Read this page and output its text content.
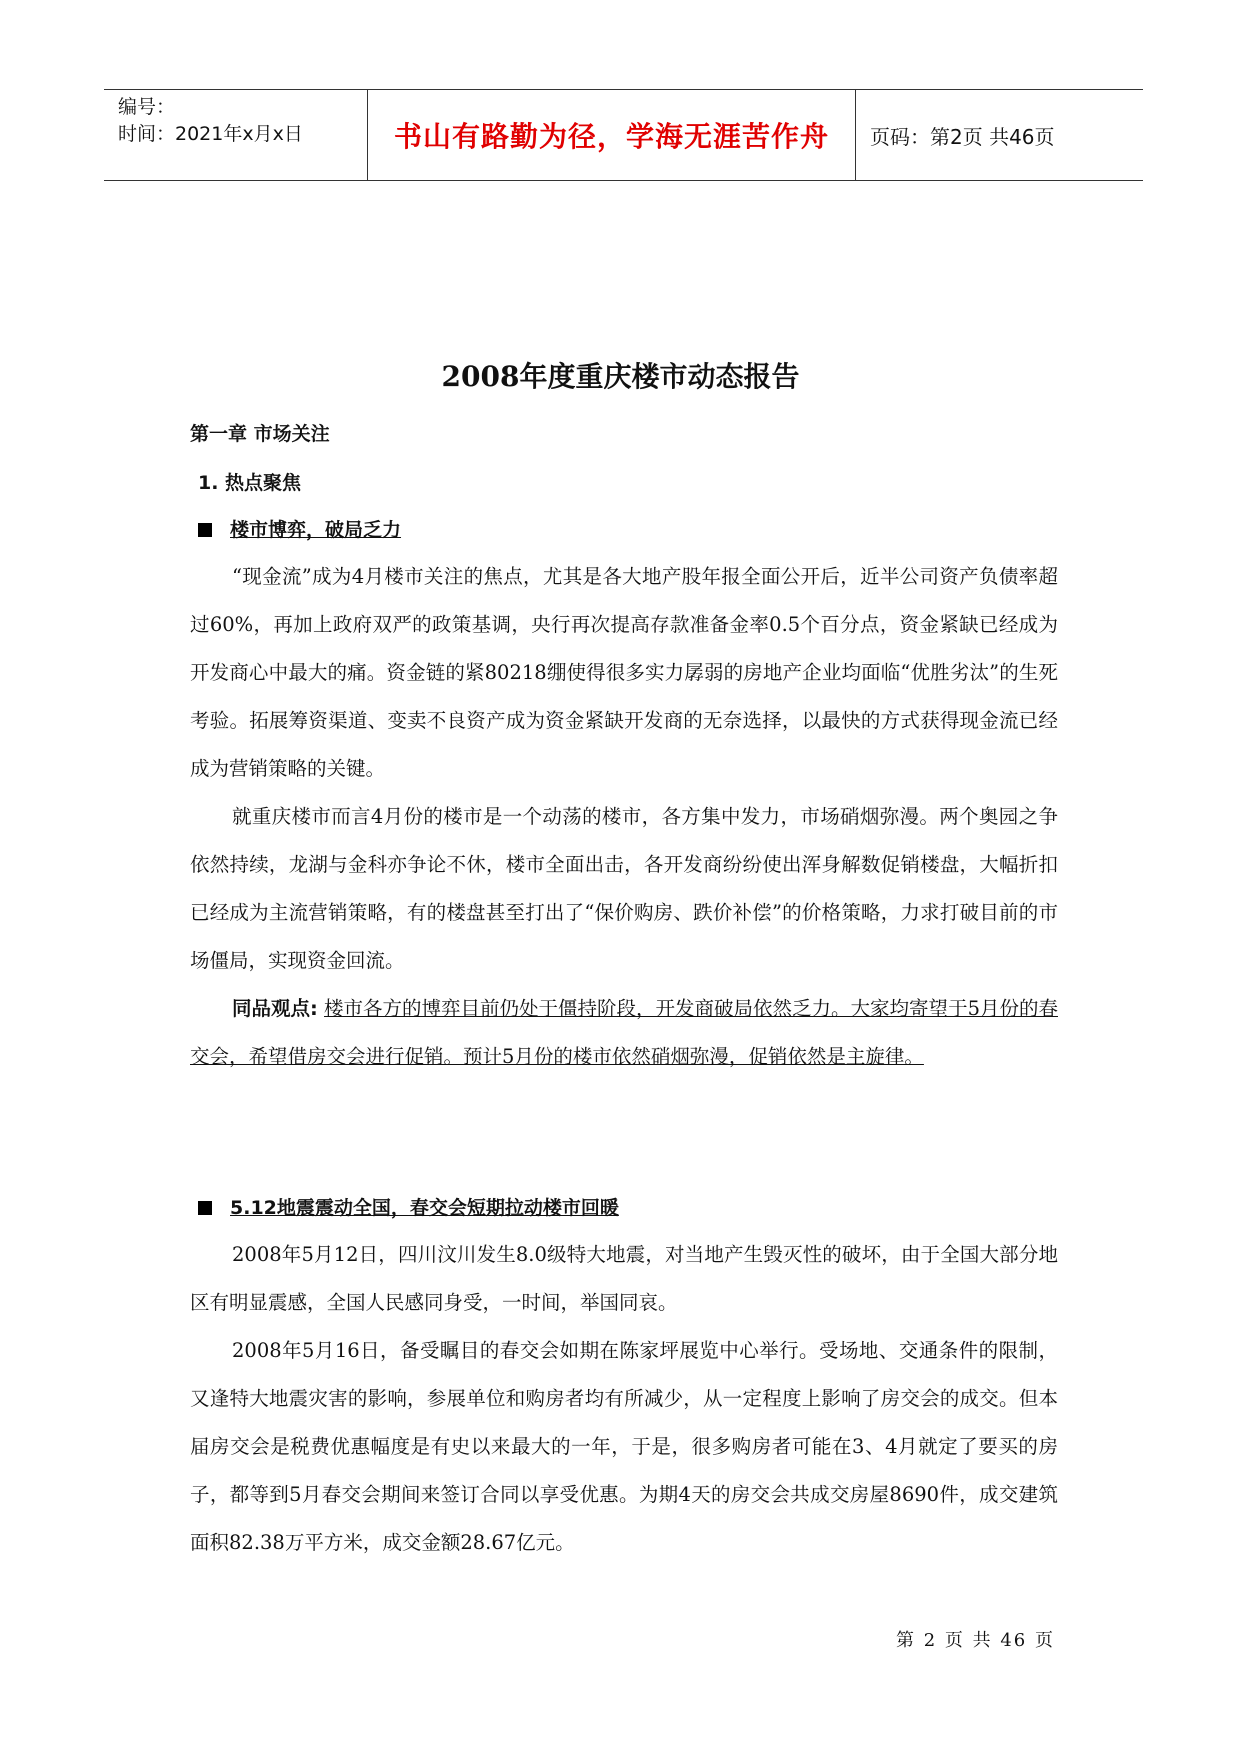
编号：
时间：2021年x月x日	书山有路勤为径，学海无涯苦作舟	页码：第2页 共46页
2008年度重庆楼市动态报告
第一章 市场关注
1. 热点聚焦
楼市博弈，破局乏力

“现金流”成为4月楼市关注的焦点，尤其是各大地产股年报全面公开后，近半公司资产负债率超过60%，再加上政府双严的政策基调，央行再次提高存款准备金率0.5个百分点，资金紧缺已经成为开发商心中最大的痛。资金链的紧80218绷使得很多实力孱弱的房地产企业均面临“优胜劣汰”的生死考验。拓展筹资渠道、变卖不良资产成为资金紧缺开发商的无奈选择，以最快的方式获得现金流已经成为营销策略的关键。

就重庆楼市而言4月份的楼市是一个动荡的楼市，各方集中发力，市场硝烟弥漫。两个奥园之争依然持续，龙湖与金科亦争论不休，楼市全面出击，各开发商纷纷使出浑身解数促销楼盘，大幅折扣已经成为主流营销策略，有的楼盘甚至打出了“保价购房、跌价补偿”的价格策略，力求打破目前的市场僵局，实现资金回流。

同品观点: 楼市各方的博弈目前仍处于僵持阶段，开发商破局依然乏力。大家均寄望于5月份的春交会，希望借房交会进行促销。预计5月份的楼市依然硝烟弥漫，促销依然是主旋律。

5.12地震震动全国，春交会短期拉动楼市回暖

2008年5月12日，四川汶川发生8.0级特大地震，对当地产生毁灭性的破坏，由于全国大部分地区有明显震感，全国人民感同身受，一时间，举国同哀。

2008年5月16日，备受瞩目的春交会如期在陈家坪展览中心举行。受场地、交通条件的限制，又逢特大地震灾害的影响，参展单位和购房者均有所减少，从一定程度上影响了房交会的成交。但本届房交会是税费优惠幅度是有史以来最大的一年，于是，很多购房者可能在3、4月就定了要买的房子，都等到5月春交会期间来签订合同以享受优惠。为期4天的房交会共成交房屋8690件，成交建筑面积82.38万平方米，成交金额28.67亿元。

第 2 页 共 46 页
